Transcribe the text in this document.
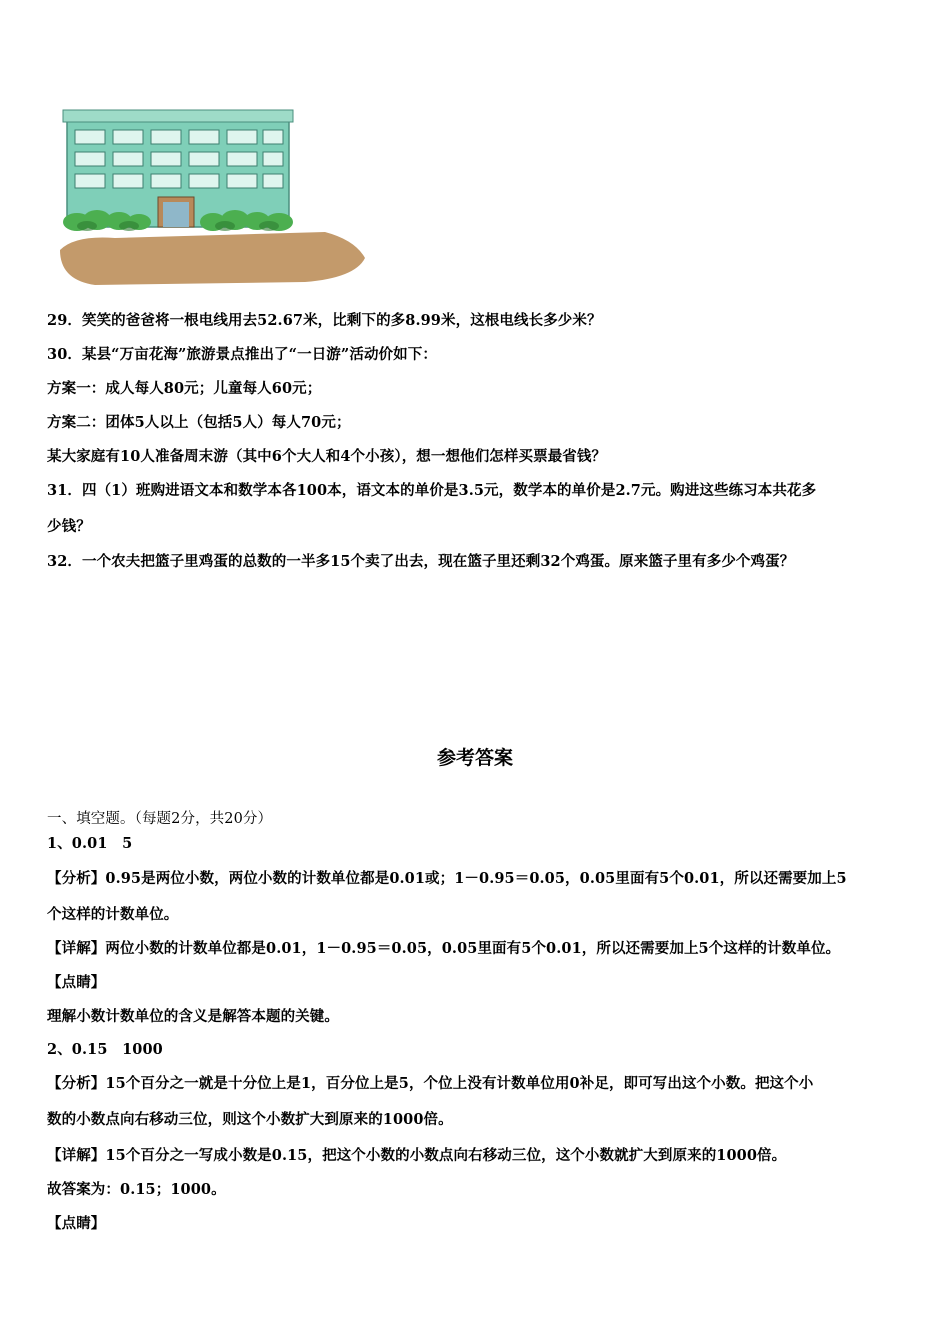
29．笑笑的爸爸将一根电线用去52.67米，比剩下的多8.99米，这根电线长多少米？
30．某县“万亩花海”旅游景点推出了“一日游”活动价如下：
方案一：成人每人80元；儿童每人60元；
方案二：团体5人以上（包括5人）每人70元；
某大家庭有10人准备周末游（其中6个大人和4个小孩），想一想他们怎样买票最省钱？
31．四（1）班购进语文本和数学本各100本，语文本的单价是3.5元，数学本的单价是2.7元。购进这些练习本共花多
少钱？
32．一个农夫把篮子里鸡蛋的总数的一半多15个卖了出去，现在篮子里还剩32个鸡蛋。原来篮子里有多少个鸡蛋？
参考答案
一、填空题。（每题2分，共20分）
1、0.01　5
【分析】0.95是两位小数，两位小数的计数单位都是0.01或；1－0.95＝0.05，0.05里面有5个0.01，所以还需要加上5
个这样的计数单位。
【详解】两位小数的计数单位都是0.01，1－0.95＝0.05，0.05里面有5个0.01，所以还需要加上5个这样的计数单位。
【点睛】
理解小数计数单位的含义是解答本题的关键。
2、0.15　1000
【分析】15个百分之一就是十分位上是1，百分位上是5，个位上没有计数单位用0补足，即可写出这个小数。把这个小
数的小数点向右移动三位，则这个小数扩大到原来的1000倍。
【详解】15个百分之一写成小数是0.15，把这个小数的小数点向右移动三位，这个小数就扩大到原来的1000倍。
故答案为：0.15；1000。
【点睛】
